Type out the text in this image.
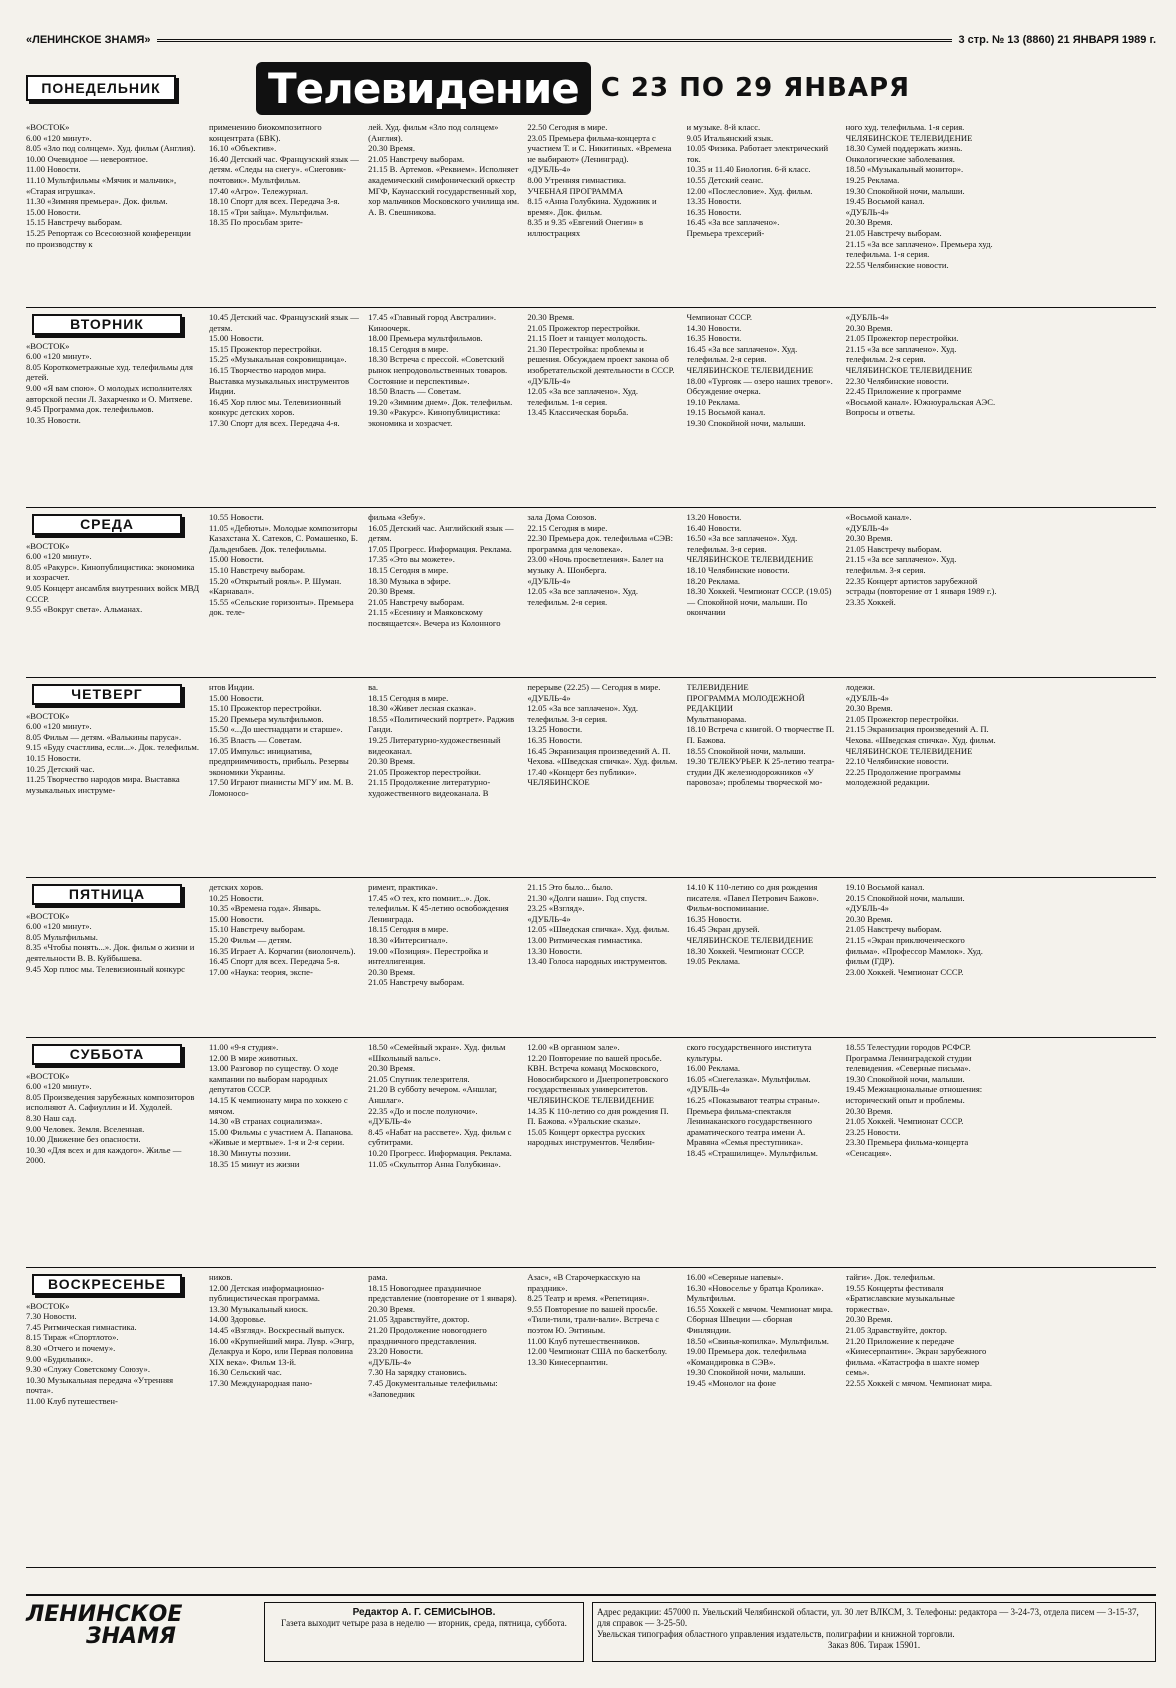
«ЛЕНИНСКОЕ ЗНАМЯ»	3 стр. № 13 (8860) 21 ЯНВАРЯ 1989 г.
ПОНЕДЕЛЬНИК	Телевидение С 23 ПО 29 ЯНВАРЯ

«ВОСТОК»
6.00 «120 минут».
8.05 «Зло под солнцем». Худ. фильм (Англия).
10.00 Очевидное — невероятное.
11.00 Новости.
11.10 Мультфильмы «Мячик и мальчик», «Старая игрушка».
11.30 «Зимняя премьера». Док. фильм.
15.00 Новости.
15.15 Навстречу выборам.
15.25 Репортаж со Всесоюзной конференции по производству к

применению биокомпозитного концентрата (БВК).
16.10 «Объектив».
16.40 Детский час. Французский язык — детям. «Следы на снегу». «Снеговик-почтовик». Мультфильм.
17.40 «Агро». Тележурнал.
18.10 Спорт для всех. Передача 3-я.
18.15 «Три зайца». Мультфильм.
18.35 По просьбам зрите-

лей. Худ. фильм «Зло под солнцем» (Англия).
20.30 Время.
21.05 Навстречу выборам.
21.15 В. Артемов. «Реквием». Исполняет академический симфонический оркестр МГФ, Каунасский государственный хор, хор мальчиков Московского училища им. А. В. Свешникова.

22.50 Сегодня в мире.
23.05 Премьера фильма-концерта с участием Т. и С. Никитиных. «Времена не выбирают» (Ленинград).
«ДУБЛЬ-4»
8.00 Утренняя гимнастика.
УЧЕБНАЯ ПРОГРАММА
8.15 «Анна Голубкина. Художник и время». Док. фильм.
8.35 и 9.35 «Евгений Онегин» в иллюстрациях

и музыке. 8-й класс.
9.05 Итальянский язык.
10.05 Физика. Работает электрический ток.
10.35 и 11.40 Биология. 6-й класс.
10.55 Детский сеанс.
12.00 «Послесловие». Худ. фильм.
13.35 Новости.
16.35 Новости.
16.45 «За все заплачено».
Премьера трехсерий-

ного худ. телефильма. 1-я серия.
ЧЕЛЯБИНСКОЕ ТЕЛЕВИДЕНИЕ
18.30 Сумей поддержать жизнь. Онкологические заболевания.
18.50 «Музыкальный монитор».
19.25 Реклама.
19.30 Спокойной ночи, малыши.
19.45 Восьмой канал.
«ДУБЛЬ-4»
20.30 Время.
21.05 Навстречу выборам.
21.15 «За все заплачено». Премьера худ. телефильма. 1-я серия.
22.55 Челябинские новости.

ВТОРНИК

«ВОСТОК»
6.00 «120 минут».
8.05 Короткометражные худ. телефильмы для детей.
9.00 «Я вам спою». О молодых исполнителях авторской песни Л. Захарченко и О. Митяеве.
9.45 Программа док. телефильмов.
10.35 Новости.

10.45 Детский час. Французский язык — детям.
15.00 Новости.
15.15 Прожектор перестройки.
15.25 «Музыкальная сокровищница».
16.15 Творчество народов мира. Выставка музыкальных инструментов Индии.
16.45 Хор плюс мы. Телевизионный конкурс детских хоров.
17.30 Спорт для всех. Передача 4-я.

17.45 «Главный город Австралии». Киноочерк.
18.00 Премьера мультфильмов.
18.15 Сегодня в мире.
18.30 Встреча с прессой. «Советский рынок непродовольственных товаров. Состояние и перспективы».
18.50 Власть — Советам.
19.20 «Зимним днем». Док. телефильм.
19.30 «Ракурс». Кинопублицистика: экономика и хозрасчет.

20.30 Время.
21.05 Прожектор перестройки.
21.15 Поет и танцует молодость.
21.30 Перестройка: проблемы и решения. Обсуждаем проект закона об изобретательской деятельности в СССР.
«ДУБЛЬ-4»
12.05 «За все заплачено». Худ. телефильм. 1-я серия.
13.45 Классическая борьба.

Чемпионат СССР.
14.30 Новости.
16.35 Новости.
16.45 «За все заплачено». Худ. телефильм. 2-я серия.
ЧЕЛЯБИНСКОЕ ТЕЛЕВИДЕНИЕ
18.00 «Тургояк — озеро наших тревог». Обсуждение очерка.
19.10 Реклама.
19.15 Восьмой канал.
19.30 Спокойной ночи, малыши.

«ДУБЛЬ-4»
20.30 Время.
21.05 Прожектор перестройки.
21.15 «За все заплачено». Худ. телефильм. 2-я серия.
ЧЕЛЯБИНСКОЕ ТЕЛЕВИДЕНИЕ
22.30 Челябинские новости.
22.45 Приложение к программе «Восьмой канал». Южноуральская АЭС. Вопросы и ответы.

СРЕДА

«ВОСТОК»
6.00 «120 минут».
8.05 «Ракурс». Кинопублицистика: экономика и хозрасчет.
9.05 Концерт ансамбля внутренних войск МВД СССР.
9.55 «Вокруг света». Альманах.

10.55 Новости.
11.05 «Дебюты». Молодые композиторы Казахстана Х. Сатеков, С. Ромашенко, Б. Дальденбаев. Док. телефильмы.
15.00 Новости.
15.10 Навстречу выборам.
15.20 «Открытый рояль». Р. Шуман. «Карнавал».
15.55 «Сельские горизонты». Премьера док. теле-

фильма «Зебу».
16.05 Детский час. Английский язык — детям.
17.05 Прогресс. Информация. Реклама.
17.35 «Это вы можете».
18.15 Сегодня в мире.
18.30 Музыка в эфире.
20.30 Время.
21.05 Навстречу выборам.
21.15 «Есенину и Маяковскому посвящается». Вечера из Колонного

зала Дома Союзов.
22.15 Сегодня в мире.
22.30 Премьера док. телефильма «СЭВ: программа для человека».
23.00 «Ночь просветления». Балет на музыку А. Шонберга.
«ДУБЛЬ-4»
12.05 «За все заплачено». Худ. телефильм. 2-я серия.

13.20 Новости.
16.40 Новости.
16.50 «За все заплачено». Худ. телефильм. 3-я серия.
ЧЕЛЯБИНСКОЕ ТЕЛЕВИДЕНИЕ
18.10 Челябинские новости.
18.20 Реклама.
18.30 Хоккей. Чемпионат СССР. (19.05) — Спокойной ночи, малыши. По окончании

«Восьмой канал».
«ДУБЛЬ-4»
20.30 Время.
21.05 Навстречу выборам.
21.15 «За все заплачено». Худ. телефильм. 3-я серия.
22.35 Концерт артистов зарубежной эстрады (повторение от 1 января 1989 г.).
23.35 Хоккей.

ЧЕТВЕРГ

«ВОСТОК»
6.00 «120 минут».
8.05 Фильм — детям. «Валькины паруса».
9.15 «Буду счастлива, если...». Док. телефильм.
10.15 Новости.
10.25 Детский час.
11.25 Творчество народов мира. Выставка музыкальных инструме-

нтов Индии.
15.00 Новости.
15.10 Прожектор перестройки.
15.20 Премьера мультфильмов.
15.50 «...До шестнадцати и старше».
16.35 Власть — Советам.
17.05 Импульс: инициатива, предприимчивость, прибыль. Резервы экономики Украины.
17.50 Играют пианисты МГУ им. М. В. Ломоносо-

ва.
18.15 Сегодня в мире.
18.30 «Живет лесная сказка».
18.55 «Политический портрет». Раджив Ганди.
19.25 Литературно-художественный видеоканал.
20.30 Время.
21.05 Прожектор перестройки.
21.15 Продолжение литературно-художественного видеоканала. В

перерыве (22.25) — Сегодня в мире.
«ДУБЛЬ-4»
12.05 «За все заплачено». Худ. телефильм. 3-я серия.
13.25 Новости.
16.35 Новости.
16.45 Экранизация произведений А. П. Чехова. «Шведская спичка». Худ. фильм.
17.40 «Концерт без публики».
ЧЕЛЯБИНСКОЕ

ТЕЛЕВИДЕНИЕ
ПРОГРАММА МОЛОДЕЖНОЙ РЕДАКЦИИ
Мультпанорама.
18.10 Встреча с книгой. О творчестве П. П. Бажова.
18.55 Спокойной ночи, малыши.
19.30 ТЕЛЕКУРЬЕР. К 25-летию театра-студии ДК железнодорожников «У паровоза»; проблемы творческой мо-

лодежи.
«ДУБЛЬ-4»
20.30 Время.
21.05 Прожектор перестройки.
21.15 Экранизация произведений А. П. Чехова. «Шведская спичка». Худ. фильм.
ЧЕЛЯБИНСКОЕ ТЕЛЕВИДЕНИЕ
22.10 Челябинские новости.
22.25 Продолжение программы молодежной редакции.

ПЯТНИЦА

«ВОСТОК»
6.00 «120 минут».
8.05 Мультфильмы.
8.35 «Чтобы понять...». Док. фильм о жизни и деятельности В. В. Куйбышева.
9.45 Хор плюс мы. Телевизионный конкурс

детских хоров.
10.25 Новости.
10.35 «Времена года». Январь.
15.00 Новости.
15.10 Навстречу выборам.
15.20 Фильм — детям.
16.35 Играет А. Корчагин (виолончель).
16.45 Спорт для всех. Передача 5-я.
17.00 «Наука: теория, экспе-

римент, практика».
17.45 «О тех, кто помнит...». Док. телефильм. К 45-летию освобождения Ленинграда.
18.15 Сегодня в мире.
18.30 «Интерсигнал».
19.00 «Позиция». Перестройка и интеллигенция.
20.30 Время.
21.05 Навстречу выборам.

21.15 Это было... было.
21.30 «Долги наши». Год спустя.
23.25 «Взгляд».
«ДУБЛЬ-4»
12.05 «Шведская спичка». Худ. фильм.
13.00 Ритмическая гимнастика.
13.30 Новости.
13.40 Голоса народных инструментов.

14.10 К 110-летию со дня рождения писателя. «Павел Петрович Бажов». Фильм-воспоминание.
16.35 Новости.
16.45 Экран друзей.
ЧЕЛЯБИНСКОЕ ТЕЛЕВИДЕНИЕ
18.30 Хоккей. Чемпионат СССР.
19.05 Реклама.

19.10 Восьмой канал.
20.15 Спокойной ночи, малыши.
«ДУБЛЬ-4»
20.30 Время.
21.05 Навстречу выборам.
21.15 «Экран приключенческого фильма». «Профессор Мамлок». Худ. фильм (ГДР).
23.00 Хоккей. Чемпионат СССР.

СУББОТА

«ВОСТОК»
6.00 «120 минут».
8.05 Произведения зарубежных композиторов исполняют А. Сафиуллин и И. Худолей.
8.30 Наш сад.
9.00 Человек. Земля. Вселенная.
10.00 Движение без опасности.
10.30 «Для всех и для каждого». Жилье — 2000.

11.00 «9-я студия».
12.00 В мире животных.
13.00 Разговор по существу. О ходе кампании по выборам народных депутатов СССР.
14.15 К чемпионату мира по хоккею с мячом.
14.30 «В странах социализма».
15.00 Фильмы с участием А. Папанова. «Живые и мертвые». 1-я и 2-я серии.
18.30 Минуты поэзии.
18.35 15 минут из жизни

18.50 «Семейный экран». Худ. фильм «Школьный вальс».
20.30 Время.
21.05 Спутник телезрителя.
21.20 В субботу вечером. «Аншлаг, Аншлаг».
22.35 «До и после полуночи».
«ДУБЛЬ-4»
8.45 «Набат на рассвете». Худ. фильм с субтитрами.
10.20 Прогресс. Информация. Реклама.
11.05 «Скульптор Анна Голубкина».

12.00 «В органном зале».
12.20 Повторение по вашей просьбе. КВН. Встреча команд Московского, Новосибирского и Днепропетровского государственных университетов.
ЧЕЛЯБИНСКОЕ ТЕЛЕВИДЕНИЕ
14.35 К 110-летию со дня рождения П. П. Бажова. «Уральские сказы».
15.05 Концерт оркестра русских народных инструментов. Челябин-

ского государственного института культуры.
16.00 Реклама.
16.05 «Снегелазка». Мультфильм.
«ДУБЛЬ-4»
16.25 «Показывают театры страны». Премьера фильма-спектакля Ленинаканского государственного драматического театра имени А. Мравяна «Семья преступника».
18.45 «Страшилище». Мультфильм.

18.55 Телестудии городов РСФСР. Программа Ленинградской студии телевидения. «Северные письма».
19.30 Спокойной ночи, малыши.
19.45 Межнациональные отношения: исторический опыт и проблемы.
20.30 Время.
21.05 Хоккей. Чемпионат СССР.
23.25 Новости.
23.30 Премьера фильма-концерта «Сенсация».

ВОСКРЕСЕНЬЕ

«ВОСТОК»
7.30 Новости.
7.45 Ритмическая гимнастика.
8.15 Тираж «Спортлото».
8.30 «Отчего и почему».
9.00 «Будильник».
9.30 «Служу Советскому Союзу».
10.30 Музыкальная передача «Утренняя почта».
11.00 Клуб путешествен-

ников.
12.00 Детская информационно-публицистическая программа.
13.30 Музыкальный киоск.
14.00 Здоровье.
14.45 «Взгляд». Воскресный выпуск.
16.00 «Крупнейший мира. Лувр. «Энгр, Делакруа и Коро, или Первая половина XIX века». Фильм 13-й.
16.30 Сельский час.
17.30 Международная пано-

рама.
18.15 Новогоднее праздничное представление (повторение от 1 января).
20.30 Время.
21.05 Здравствуйте, доктор.
21.20 Продолжение новогоднего праздничного представления.
23.20 Новости.
«ДУБЛЬ-4»
7.30 На зарядку становись.
7.45 Документальные телефильмы: «Заповедник

Азас», «В Старочеркасскую на праздник».
8.25 Театр и время. «Репетиция».
9.55 Повторение по вашей просьбе. «Тили-тили, трали-вали». Встреча с поэтом Ю. Энтиным.
11.00 Клуб путешественников.
12.00 Чемпионат США по баскетболу.
13.30 Кинесерпантин.

16.00 «Северные напевы».
16.30 «Новоселье у братца Кролика». Мультфильм.
16.55 Хоккей с мячом. Чемпионат мира. Сборная Швеции — сборная Финляндии.
18.50 «Свинья-копилка». Мультфильм.
19.00 Премьера док. телефильма «Командировка в СЭВ».
19.30 Спокойной ночи, малыши.
19.45 «Монолог на фоне

тайги». Док. телефильм.
19.55 Концерты фестиваля «Братиславские музыкальные торжества».
20.30 Время.
21.05 Здравствуйте, доктор.
21.20 Приложение к передаче «Кинесерпантин». Экран зарубежного фильма. «Катастрофа в шахте номер семь».
22.55 Хоккей с мячом. Чемпионат мира.

ЛЕНИНСКОЕ
ЗНАМЯ
Редактор А. Г. СЕМИСЫНОВ.
Газета выходит четыре раза в неделю — вторник, среда, пятница, суббота.
Адрес редакции: 457000 п. Увельский Челябинской области, ул. 30 лет ВЛКСМ, 3. Телефоны: редактора — 3-24-73, отдела писем — 3-15-37, для справок — 3-25-50.
Увельская типография областного управления издательств, полиграфии и книжной торговли.
Заказ 806. Тираж 15901.
